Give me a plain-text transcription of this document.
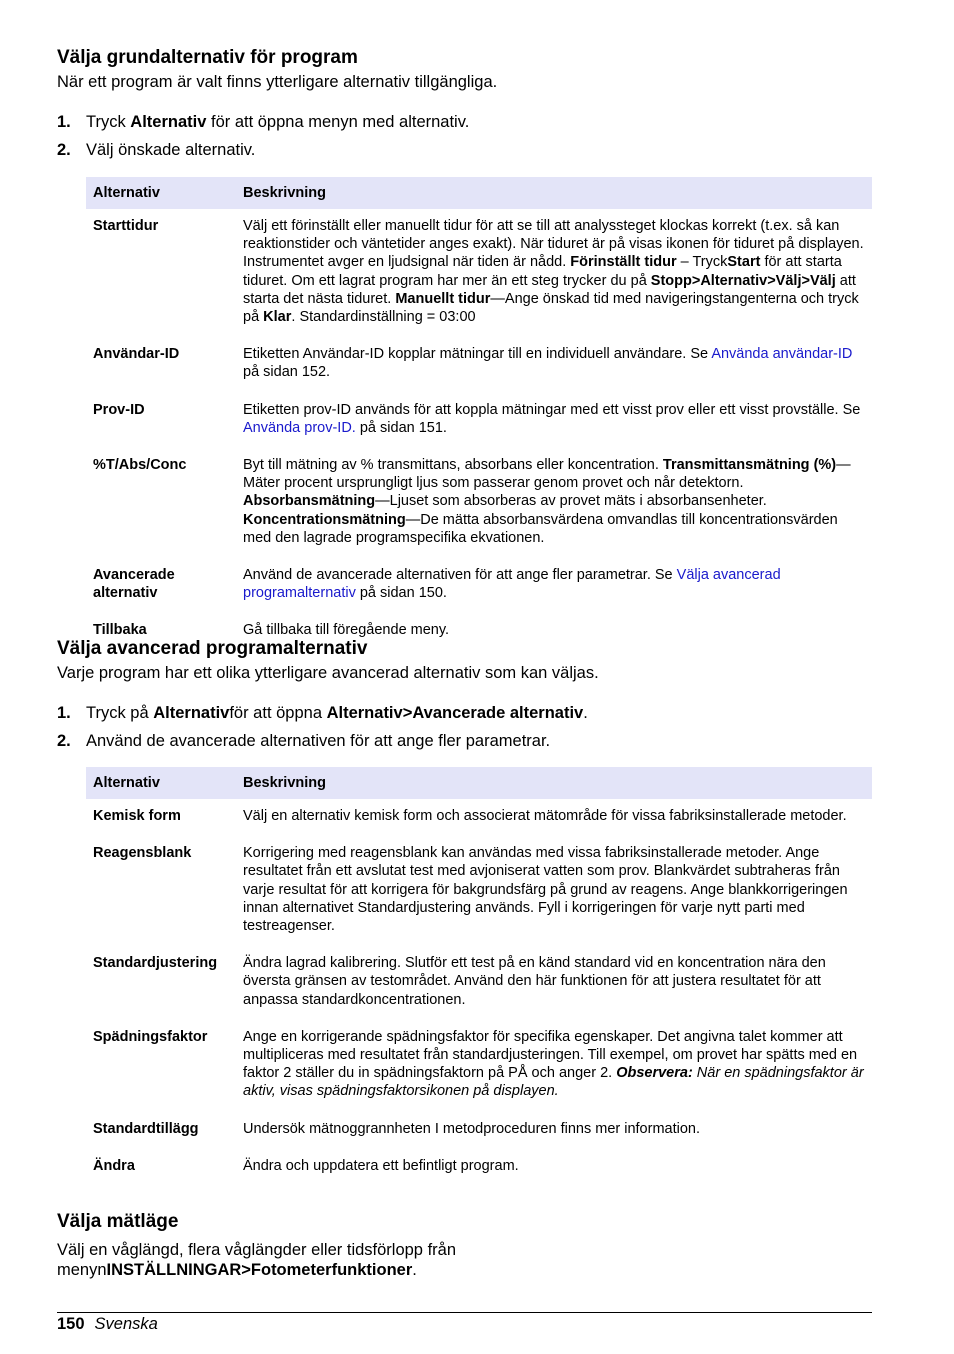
Välja grundalternativ för program

När ett program är valt finns ytterligare alternativ tillgängliga.

1. Tryck Alternativ för att öppna menyn med alternativ.
2. Välj önskade alternativ.
Alternativ	Beskrivning
Starttidur	Välj ett förinställt eller manuellt tidur för att se till att analyssteget klockas korrekt (t.ex. så kan reaktionstider och väntetider anges exakt). När tiduret är på visas ikonen för tiduret på displayen. Instrumentet avger en ljudsignal när tiden är nådd. Förinställt tidur – TryckStart för att starta tiduret. Om ett lagrat program har mer än ett steg trycker du på Stopp>Alternativ>Välj>Välj att starta det nästa tiduret. Manuellt tidur—Ange önskad tid med navigeringstangenterna och tryck på Klar. Standardinställning = 03:00
Användar-ID	Etiketten Användar-ID kopplar mätningar till en individuell användare. Se Använda användar-ID på sidan 152.
Prov-ID	Etiketten prov-ID används för att koppla mätningar med ett visst prov eller ett visst provställe. Se Använda prov-ID. på sidan 151.
%T/Abs/Conc	Byt till mätning av % transmittans, absorbans eller koncentration. Transmittansmätning (%)—Mäter procent ursprungligt ljus som passerar genom provet och når detektorn. Absorbansmätning—Ljuset som absorberas av provet mäts i absorbansenheter. Koncentrationsmätning—De mätta absorbansvärdena omvandlas till koncentrationsvärden med den lagrade programspecifika ekvationen.
Avancerade alternativ	Använd de avancerade alternativen för att ange fler parametrar. Se Välja avancerad programalternativ på sidan 150.
Tillbaka	Gå tillbaka till föregående meny.
Välja avancerad programalternativ

Varje program har ett olika ytterligare avancerad alternativ som kan väljas.

1. Tryck på Alternativför att öppna Alternativ>Avancerade alternativ.
2. Använd de avancerade alternativen för att ange fler parametrar.
Alternativ	Beskrivning
Kemisk form	Välj en alternativ kemisk form och associerat mätområde för vissa fabriksinstallerade metoder.
Reagensblank	Korrigering med reagensblank kan användas med vissa fabriksinstallerade metoder. Ange resultatet från ett avslutat test med avjoniserat vatten som prov. Blankvärdet subtraheras från varje resultat för att korrigera för bakgrundsfärg på grund av reagens. Ange blankkorrigeringen innan alternativet Standardjustering används. Fyll i korrigeringen för varje nytt parti med testreagenser.
Standardjustering	Ändra lagrad kalibrering. Slutför ett test på en känd standard vid en koncentration nära den översta gränsen av testområdet. Använd den här funktionen för att justera resultatet för att anpassa standardkoncentrationen.
Spädningsfaktor	Ange en korrigerande spädningsfaktor för specifika egenskaper. Det angivna talet kommer att multipliceras med resultatet från standardjusteringen. Till exempel, om provet har spätts med en faktor 2 ställer du in spädningsfaktorn på PÅ och anger 2. Observera: När en spädningsfaktor är aktiv, visas spädningsfaktorsikonen på displayen.
Standardtillägg	Undersök mätnoggrannheten I metodproceduren finns mer information.
Ändra	Ändra och uppdatera ett befintligt program.
Välja mätläge

Välj en våglängd, flera våglängder eller tidsförlopp från
menynINSTÄLLNINGAR>Fotometerfunktioner.

150 Svenska
